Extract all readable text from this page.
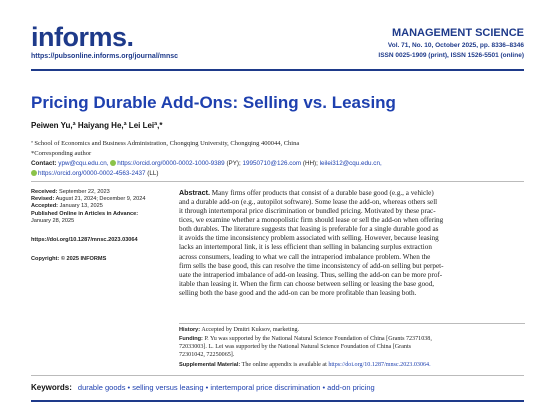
informs.
https://pubsonline.informs.org/journal/mnsc
MANAGEMENT SCIENCE
Vol. 71, No. 10, October 2025, pp. 8336–8346
ISSN 0025-1909 (print), ISSN 1526-5501 (online)
Pricing Durable Add-Ons: Selling vs. Leasing
Peiwen Yu,ª Haiyang He,ª Lei Leiª,*
ª School of Economics and Business Administration, Chongqing University, Chongqing 400044, China
*Corresponding author
Contact: ypw@cqu.edu.cn, https://orcid.org/0000-0002-1000-9389 (PY); 19950710@126.com (HH); leilei312@cqu.edu.cn,
https://orcid.org/0000-0002-4563-2437 (LL)
Received: September 22, 2023
Revised: August 21, 2024; December 9, 2024
Accepted: January 13, 2025
Published Online in Articles in Advance:
January 28, 2025
https://doi.org/10.1287/mnsc.2023.03064
Copyright: © 2025 INFORMS
Abstract. Many firms offer products that consist of a durable base good (e.g., a vehicle)
and a durable add-on (e.g., autopilot software). Some lease the add-on, whereas others sell
it through intertemporal price discrimination or bundled pricing. Motivated by these prac-
tices, we examine whether a monopolistic firm should lease or sell the add-on when offering
both durables. The literature suggests that leasing is preferable for a single durable good as
it avoids the time inconsistency problem associated with selling. However, because leasing
lacks an intertemporal link, it is less efficient than selling in balancing surplus extraction
across consumers, leading to what we call the intraperiod imbalance problem. When the
firm sells the base good, this can resolve the time inconsistency of add-on selling but perpet-
uate the intraperiod imbalance of add-on leasing. Thus, selling the add-on can be more prof-
itable than leasing it. When the firm can choose between selling or leasing the base good,
selling both the base good and the add-on can be more profitable than leasing both.
History: Accepted by Dmitri Kuksov, marketing.
Funding: P. Yu was supported by the National Natural Science Foundation of China [Grants 72371038,
72033003]. L. Lei was supported by the National Natural Science Foundation of China [Grants
72301042, 72250065].
Supplemental Material: The online appendix is available at https://doi.org/10.1287/mnsc.2023.03064.
Keywords: durable goods • selling versus leasing • intertemporal price discrimination • add-on pricing
